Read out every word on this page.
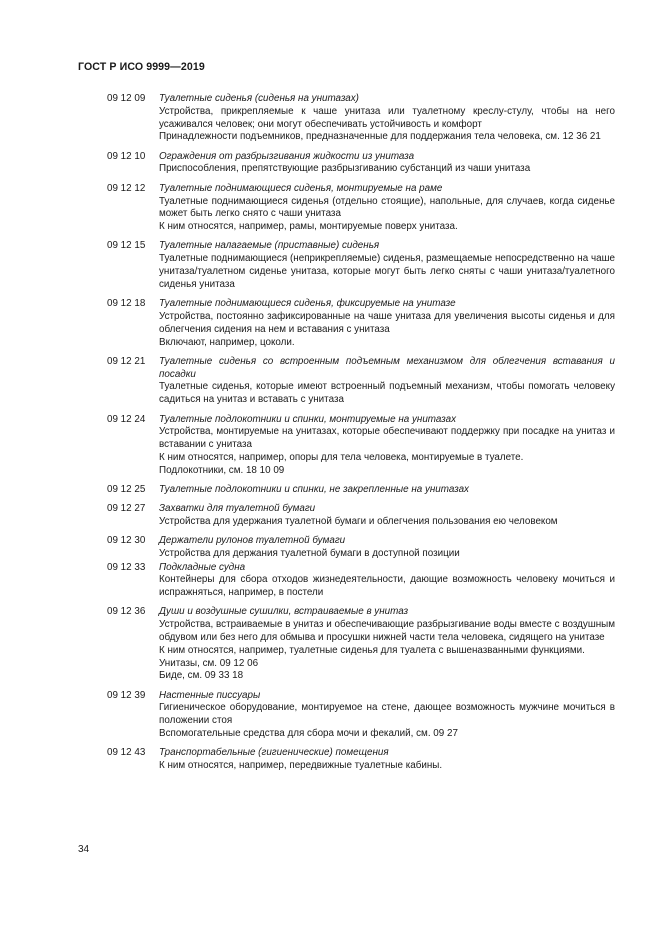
ГОСТ Р ИСО 9999—2019
09 12 09	Туалетные сиденья (сиденья на унитазах)
Устройства, прикрепляемые к чаше унитаза или туалетному креслу-стулу, чтобы на него усаживался человек; они могут обеспечивать устойчивость и комфорт
Принадлежности подъемников, предназначенные для поддержания тела человека, см. 12 36 21
09 12 10	Ограждения от разбрызгивания жидкости из унитаза
Приспособления, препятствующие разбрызгиванию субстанций из чаши унитаза
09 12 12	Туалетные поднимающиеся сиденья, монтируемые на раме
Туалетные поднимающиеся сиденья (отдельно стоящие), напольные, для случаев, когда сиденье может быть легко снято с чаши унитаза
К ним относятся, например, рамы, монтируемые поверх унитаза.
09 12 15	Туалетные налагаемые (приставные) сиденья
Туалетные поднимающиеся (неприкрепляемые) сиденья, размещаемые непосредственно на чаше унитаза/туалетном сиденье унитаза, которые могут быть легко сняты с чаши унитаза/туалетного сиденья унитаза
09 12 18	Туалетные поднимающиеся сиденья, фиксируемые на унитазе
Устройства, постоянно зафиксированные на чаше унитаза для увеличения высоты сиденья и для облегчения сидения на нем и вставания с унитаза
Включают, например, цоколи.
09 12 21	Туалетные сиденья со встроенным подъемным механизмом для облегчения вставания и посадки
Туалетные сиденья, которые имеют встроенный подъемный механизм, чтобы помогать человеку садиться на унитаз и вставать с унитаза
09 12 24	Туалетные подлокотники и спинки, монтируемые на унитазах
Устройства, монтируемые на унитазах, которые обеспечивают поддержку при посадке на унитаз и вставании с унитаза
К ним относятся, например, опоры для тела человека, монтируемые в туалете.
Подлокотники, см. 18 10 09
09 12 25	Туалетные подлокотники и спинки, не закрепленные на унитазах
09 12 27	Захватки для туалетной бумаги
Устройства для удержания туалетной бумаги и облегчения пользования ею человеком
09 12 30	Держатели рулонов туалетной бумаги
Устройства для держания туалетной бумаги в доступной позиции
09 12 33	Подкладные судна
Контейнеры для сбора отходов жизнедеятельности, дающие возможность человеку мочиться и испражняться, например, в постели
09 12 36	Души и воздушные сушилки, встраиваемые в унитаз
Устройства, встраиваемые в унитаз и обеспечивающие разбрызгивание воды вместе с воздушным обдувом или без него для обмыва и просушки нижней части тела человека, сидящего на унитазе
К ним относятся, например, туалетные сиденья для туалета с вышеназванными функциями.
Унитазы, см. 09 12 06
Биде, см. 09 33 18
09 12 39	Настенные писсуары
Гигиеническое оборудование, монтируемое на стене, дающее возможность мужчине мочиться в положении стоя
Вспомогательные средства для сбора мочи и фекалий, см. 09 27
09 12 43	Транспортабельные (гигиенические) помещения
К ним относятся, например, передвижные туалетные кабины.
34
